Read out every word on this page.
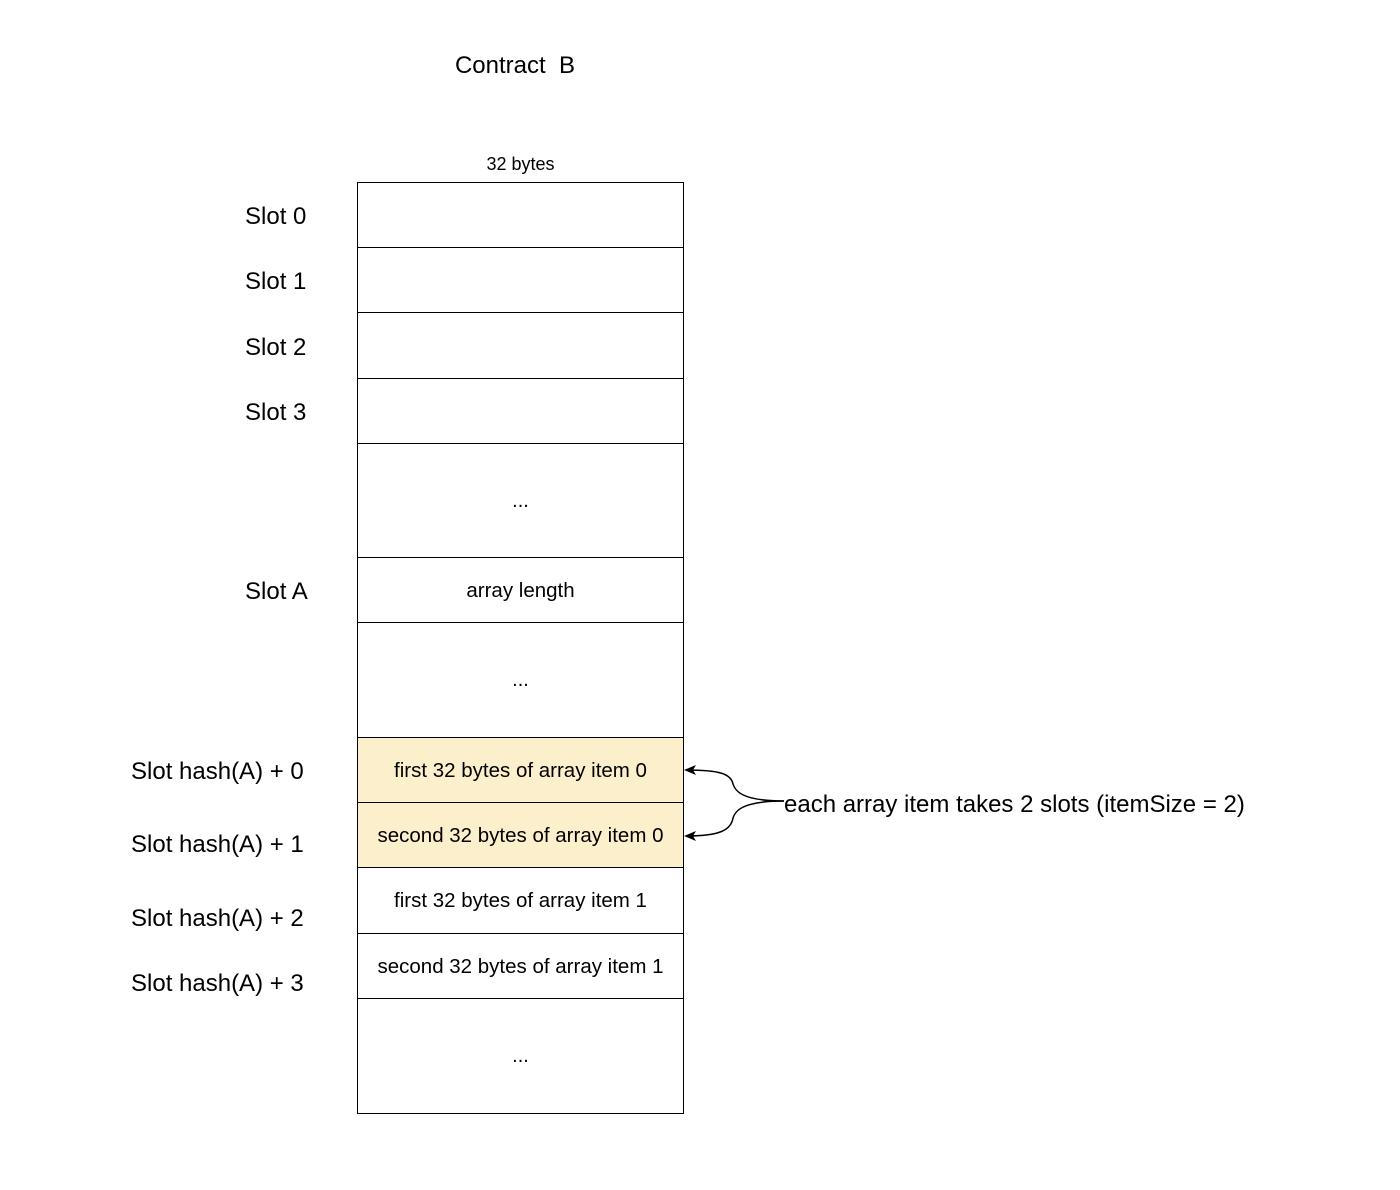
Contract  B
32 bytes
...
array length
...
first 32 bytes of array item 0
second 32 bytes of array item 0
first 32 bytes of array item 1
second 32 bytes of array item 1
...
Slot 0
Slot 1
Slot 2
Slot 3
Slot A
Slot hash(A) + 0
Slot hash(A) + 1
Slot hash(A) + 2
Slot hash(A) + 3
each array item takes 2 slots (itemSize = 2)
